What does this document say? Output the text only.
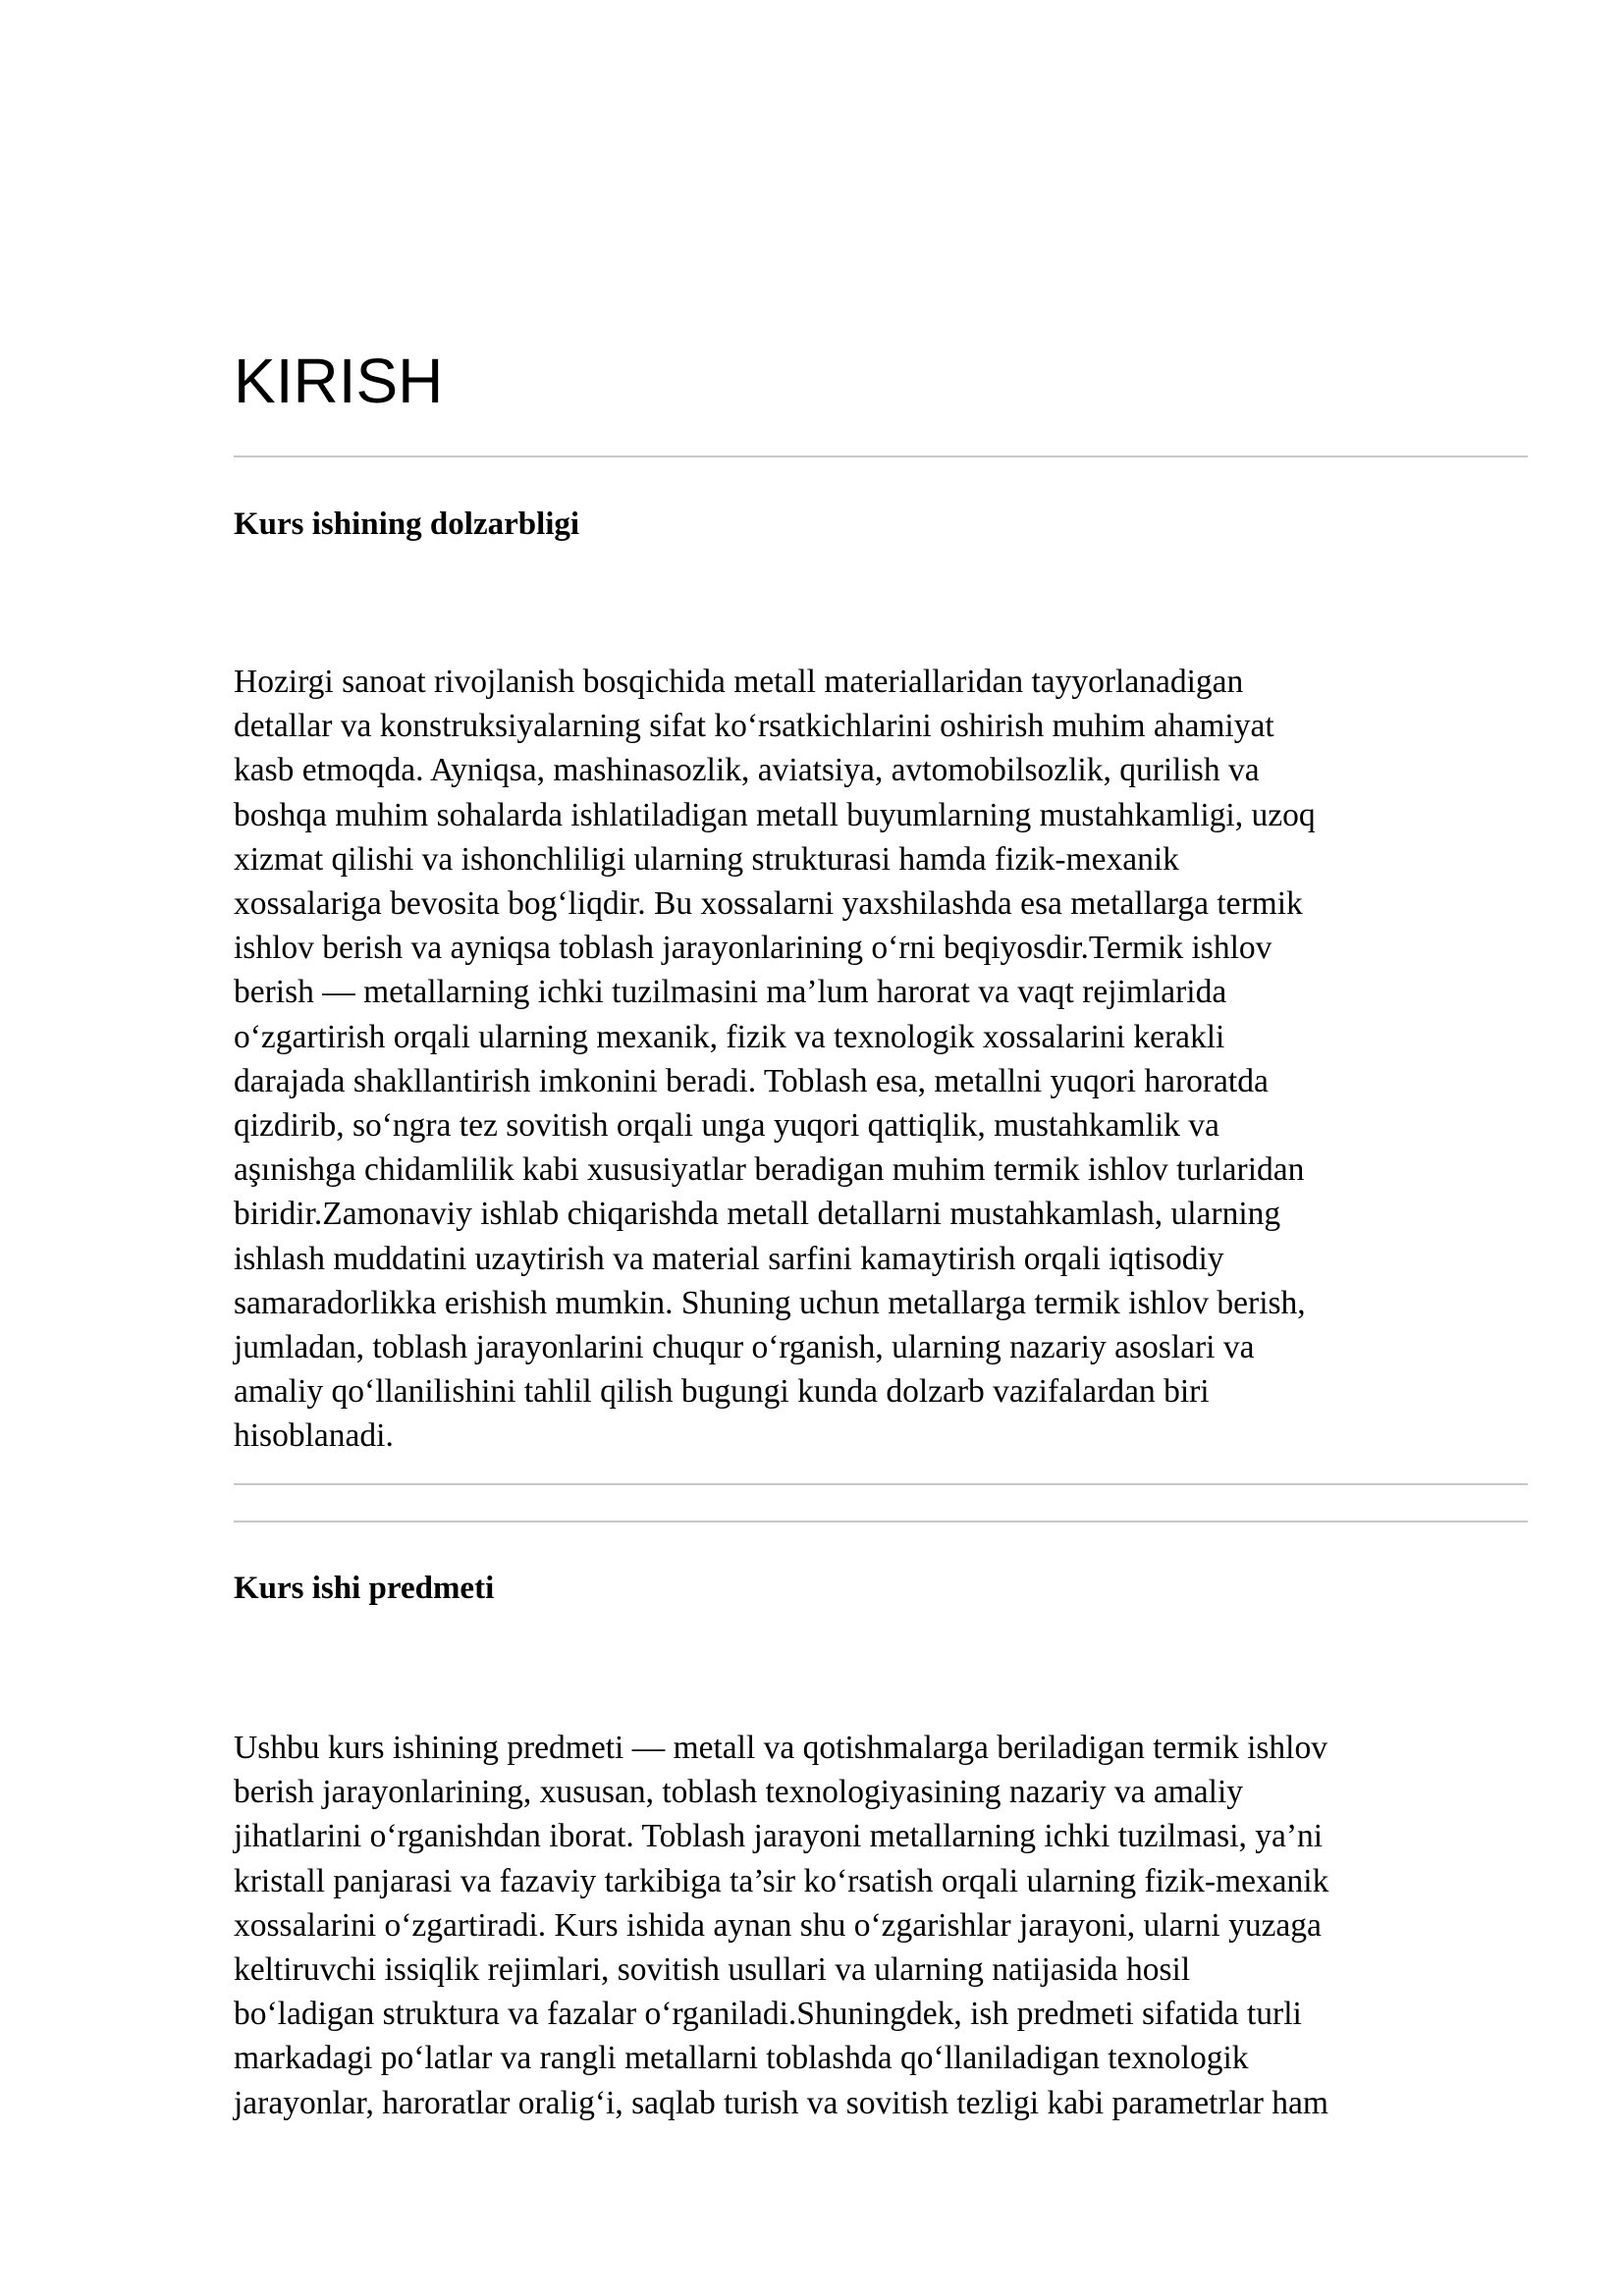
KIRISH
Kurs ishining dolzarbligi

Hozirgi sanoat rivojlanish bosqichida metall materiallaridan tayyorlanadigan
detallar va konstruksiyalarning sifat ko‘rsatkichlarini oshirish muhim ahamiyat
kasb etmoqda. Ayniqsa, mashinasozlik, aviatsiya, avtomobilsozlik, qurilish va
boshqa muhim sohalarda ishlatiladigan metall buyumlarning mustahkamligi, uzoq
xizmat qilishi va ishonchliligi ularning strukturasi hamda fizik-mexanik
xossalariga bevosita bog‘liqdir. Bu xossalarni yaxshilashda esa metallarga termik
ishlov berish va ayniqsa toblash jarayonlarining o‘rni beqiyosdir.Termik ishlov
berish — metallarning ichki tuzilmasini ma’lum harorat va vaqt rejimlarida
o‘zgartirish orqali ularning mexanik, fizik va texnologik xossalarini kerakli
darajada shakllantirish imkonini beradi. Toblash esa, metallni yuqori haroratda
qizdirib, so‘ngra tez sovitish orqali unga yuqori qattiqlik, mustahkamlik va
aşınishga chidamlilik kabi xususiyatlar beradigan muhim termik ishlov turlaridan
biridir.Zamonaviy ishlab chiqarishda metall detallarni mustahkamlash, ularning
ishlash muddatini uzaytirish va material sarfini kamaytirish orqali iqtisodiy
samaradorlikka erishish mumkin. Shuning uchun metallarga termik ishlov berish,
jumladan, toblash jarayonlarini chuqur o‘rganish, ularning nazariy asoslari va
amaliy qo‘llanilishini tahlil qilish bugungi kunda dolzarb vazifalardan biri
hisoblanadi.

Kurs ishi predmeti

Ushbu kurs ishining predmeti — metall va qotishmalarga beriladigan termik ishlov
berish jarayonlarining, xususan, toblash texnologiyasining nazariy va amaliy
jihatlarini o‘rganishdan iborat. Toblash jarayoni metallarning ichki tuzilmasi, ya’ni
kristall panjarasi va fazaviy tarkibiga ta’sir ko‘rsatish orqali ularning fizik-mexanik
xossalarini o‘zgartiradi. Kurs ishida aynan shu o‘zgarishlar jarayoni, ularni yuzaga
keltiruvchi issiqlik rejimlari, sovitish usullari va ularning natijasida hosil
bo‘ladigan struktura va fazalar o‘rganiladi.Shuningdek, ish predmeti sifatida turli
markadagi po‘latlar va rangli metallarni toblashda qo‘llaniladigan texnologik
jarayonlar, haroratlar oralig‘i, saqlab turish va sovitish tezligi kabi parametrlar ham
